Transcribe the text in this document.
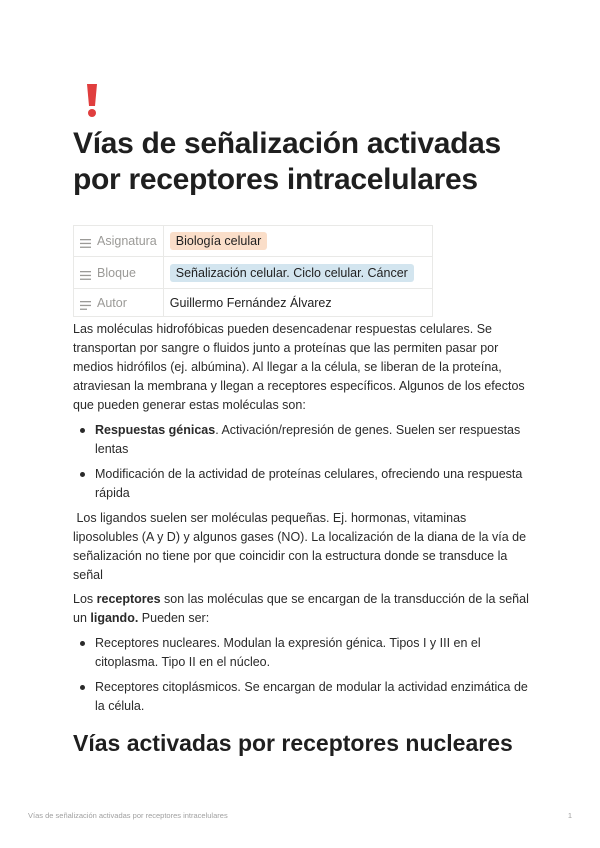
Vías de señalización activadas por receptores intracelulares
Asignatura	Biología celular
Bloque	Señalización celular. Ciclo celular. Cáncer
Autor	Guillermo Fernández Álvarez

Las moléculas hidrofóbicas pueden desencadenar respuestas celulares. Se transportan por sangre o fluidos junto a proteínas que las permiten pasar por medios hidrófilos (ej. albúmina). Al llegar a la célula, se liberan de la proteína, atraviesan la membrana y llegan a receptores específicos. Algunos de los efectos que pueden generar estas moléculas son:

Respuestas génicas. Activación/represión de genes. Suelen ser respuestas lentas
Modificación de la actividad de proteínas celulares, ofreciendo una respuesta rápida

Los ligandos suelen ser moléculas pequeñas. Ej. hormonas, vitaminas liposolubles (A y D) y algunos gases (NO). La localización de la diana de la vía de señalización no tiene por que coincidir con la estructura donde se transduce la señal

Los receptores son las moléculas que se encargan de la transducción de la señal un ligando. Pueden ser:

Receptores nucleares. Modulan la expresión génica. Tipos I y III en el citoplasma. Tipo II en el núcleo.
Receptores citoplásmicos. Se encargan de modular la actividad enzimática de la célula.
Vías activadas por receptores nucleares
Vías de señalización activadas por receptores intracelulares	1
